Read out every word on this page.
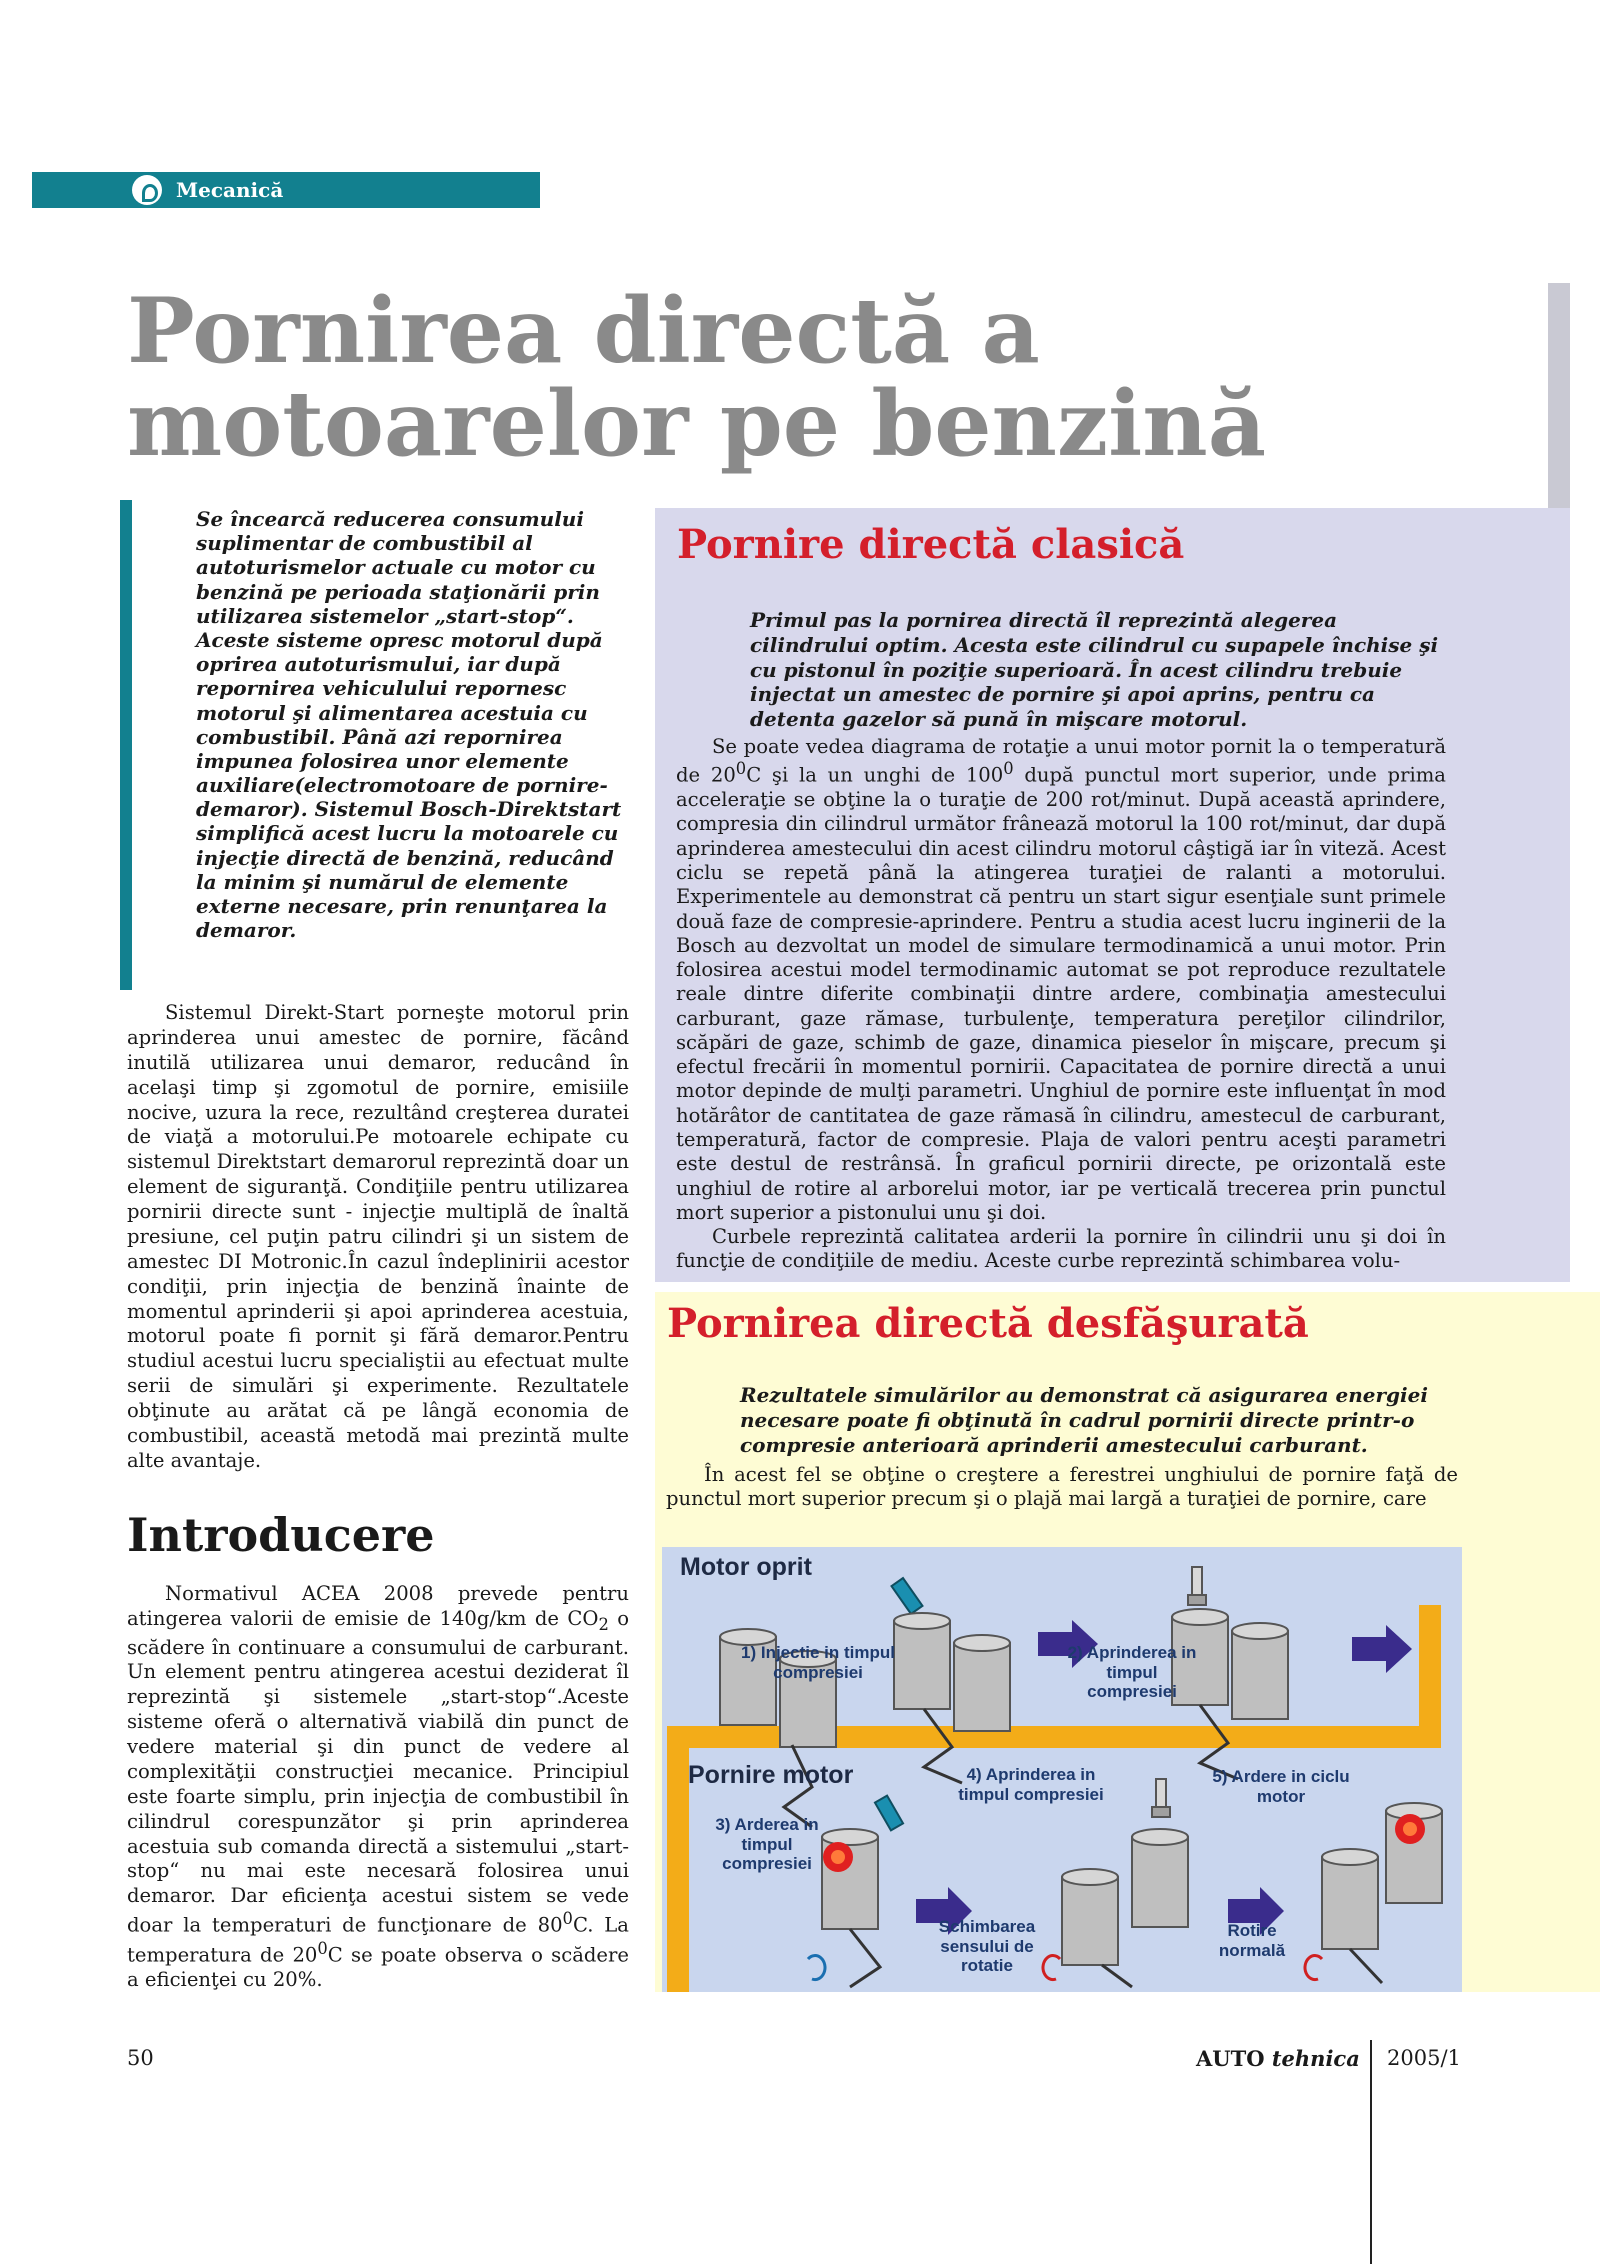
Mecanică
Pornirea directă a motoarelor pe benzină

Se încearcă reducerea consumului suplimentar de combustibil al autoturismelor actuale cu motor cu benzină pe perioada staţionării prin utilizarea sistemelor „start-stop“. Aceste sisteme opresc motorul după oprirea autoturismului, iar după repornirea vehiculului repornesc motorul şi alimentarea acestuia cu combustibil. Până azi repornirea impunea folosirea unor elemente auxiliare(electromotoare de pornire- demaror). Sistemul Bosch-Direktstart simplifică acest lucru la motoarele cu injecţie directă de benzină, reducând la minim şi numărul de elemente externe necesare, prin renunţarea la demaror.

Sistemul Direkt-Start porneşte motorul prin aprinderea unui amestec de pornire, făcând inutilă utilizarea unui demaror, reducând în acelaşi timp şi zgomotul de pornire, emisiile nocive, uzura la rece, rezultând creşterea duratei de viaţă a motorului.Pe motoarele echipate cu sistemul Direktstart demarorul reprezintă doar un element de siguranţă. Condiţiile pentru utilizarea pornirii directe sunt - injecţie multiplă de înaltă presiune, cel puţin patru cilindri şi un sistem de amestec DI Motronic.În cazul îndeplinirii acestor condiţii, prin injecţia de benzină înainte de momentul aprinderii şi apoi aprinderea acestuia, motorul poate fi pornit şi fără demaror.Pentru studiul acestui lucru specialiştii au efectuat multe serii de simulări şi experimente. Rezultatele obţinute au arătat că pe lângă economia de combustibil, această metodă mai prezintă multe alte avantaje.

Introducere

Normativul ACEA 2008 prevede pentru atingerea valorii de emisie de 140g/km de $CO_2$ o scădere în continuare a consumului de carburant. Un element pentru atingerea acestui deziderat îl reprezintă şi sistemele „start-stop“.Aceste sisteme oferă o alternativă viabilă din punct de vedere material şi din punct de vedere al complexităţii construcţiei mecanice. Principiul este foarte simplu, prin injecţia de combustibil în cilindrul corespunzător şi prin aprinderea acestuia sub comanda directă a sistemului „start-stop“ nu mai este necesară folosirea unui demaror. Dar eficienţa acestui sistem se vede doar la temperaturi de funcţionare de $80^0C$. La temperatura de $20^0C$ se poate observa o scădere a eficienţei cu 20%.

Pornire directă clasică

Primul pas la pornirea directă îl reprezintă alegerea cilindrului optim. Acesta este cilindrul cu supapele închise şi cu pistonul în poziţie superioară. În acest cilindru trebuie injectat un amestec de pornire şi apoi aprins, pentru ca detenta gazelor să pună în mişcare motorul.

Se poate vedea diagrama de rotaţie a unui motor pornit la o temperatură de $20^0C$ şi la un unghi de $100^0$ după punctul mort superior, unde prima acceleraţie se obţine la o turaţie de 200 rot/minut. După această aprindere, compresia din cilindrul următor frânează motorul la 100 rot/minut, dar după aprinderea amestecului din acest cilindru motorul câştigă iar în viteză. Acest ciclu se repetă până la atingerea turaţiei de ralanti a motorului. Experimentele au demonstrat că pentru un start sigur esenţiale sunt primele două faze de compresie-aprindere. Pentru a studia acest lucru inginerii de la Bosch au dezvoltat un model de simulare termodinamică a unui motor. Prin folosirea acestui model termodinamic automat se pot reproduce rezultatele reale dintre diferite combinaţii dintre ardere, combinaţia amestecului carburant, gaze rămase, turbulenţe, temperatura pereţilor cilindrilor, scăpări de gaze, schimb de gaze, dinamica pieselor în mişcare, precum şi efectul frecării în momentul pornirii. Capacitatea de pornire directă a unui motor depinde de mulţi parametri. Unghiul de pornire este influenţat în mod hotărâtor de cantitatea de gaze rămasă în cilindru, amestecul de carburant, temperatură, factor de compresie. Plaja de valori pentru aceşti parametri este destul de restrânsă. În graficul pornirii directe, pe orizontală este unghiul de rotire al arborelui motor, iar pe verticală trecerea prin punctul mort superior a pistonului unu şi doi.

Curbele reprezintă calitatea arderii la pornire în cilindrii unu şi doi în funcţie de condiţiile de mediu. Aceste curbe reprezintă schimbarea volu-

Pornirea directă desfăşurată

Rezultatele simulărilor au demonstrat că asigurarea energiei necesare poate fi obţinută în cadrul pornirii directe printr-o compresie anterioară aprinderii amestecului carburant.

În acest fel se obţine o creştere a ferestrei unghiului de pornire faţă de punctul mort superior precum şi o plajă mai largă a turaţiei de pornire, care

Motor oprit
1) Injectie in timpul compresiei
2) Aprinderea in timpul compresiei
Pornire motor
3) Arderea in timpul compresiei
4) Aprinderea in timpul compresiei
5) Ardere in ciclu motor
Schimbarea sensului de rotatie
Rotire normală
50	AUTO tehnica 2005/1
